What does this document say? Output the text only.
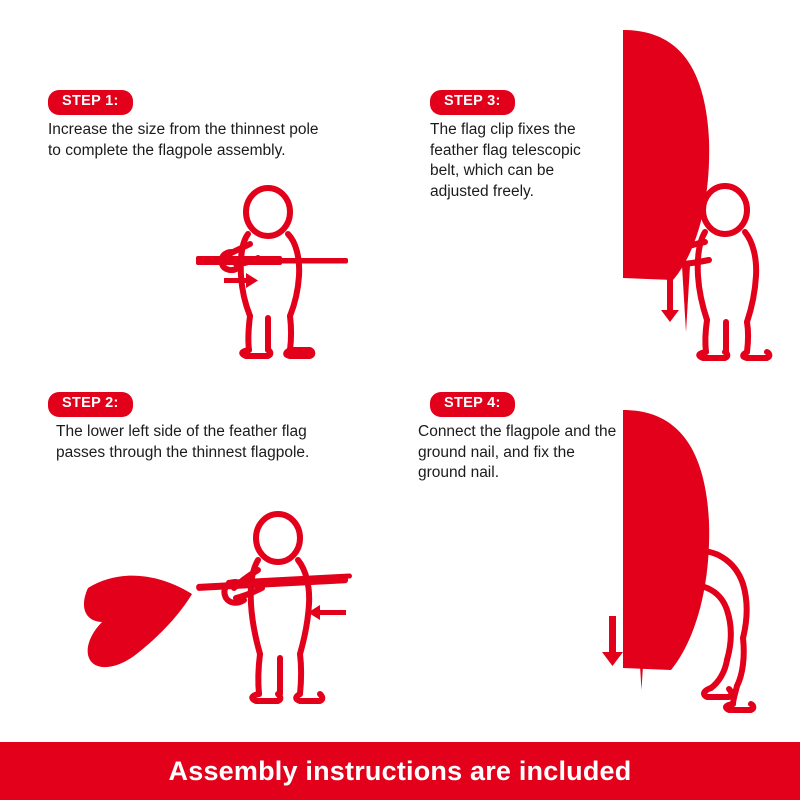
STEP 1:
Increase the size from the thinnest pole to complete the flagpole assembly.
STEP 3:
The flag clip fixes the feather flag telescopic belt, which can be adjusted freely.
STEP 2:
The lower left side of the feather flag passes through the thinnest flagpole.
STEP 4:
Connect the flagpole and the ground nail, and fix the ground nail.
Assembly instructions are included
